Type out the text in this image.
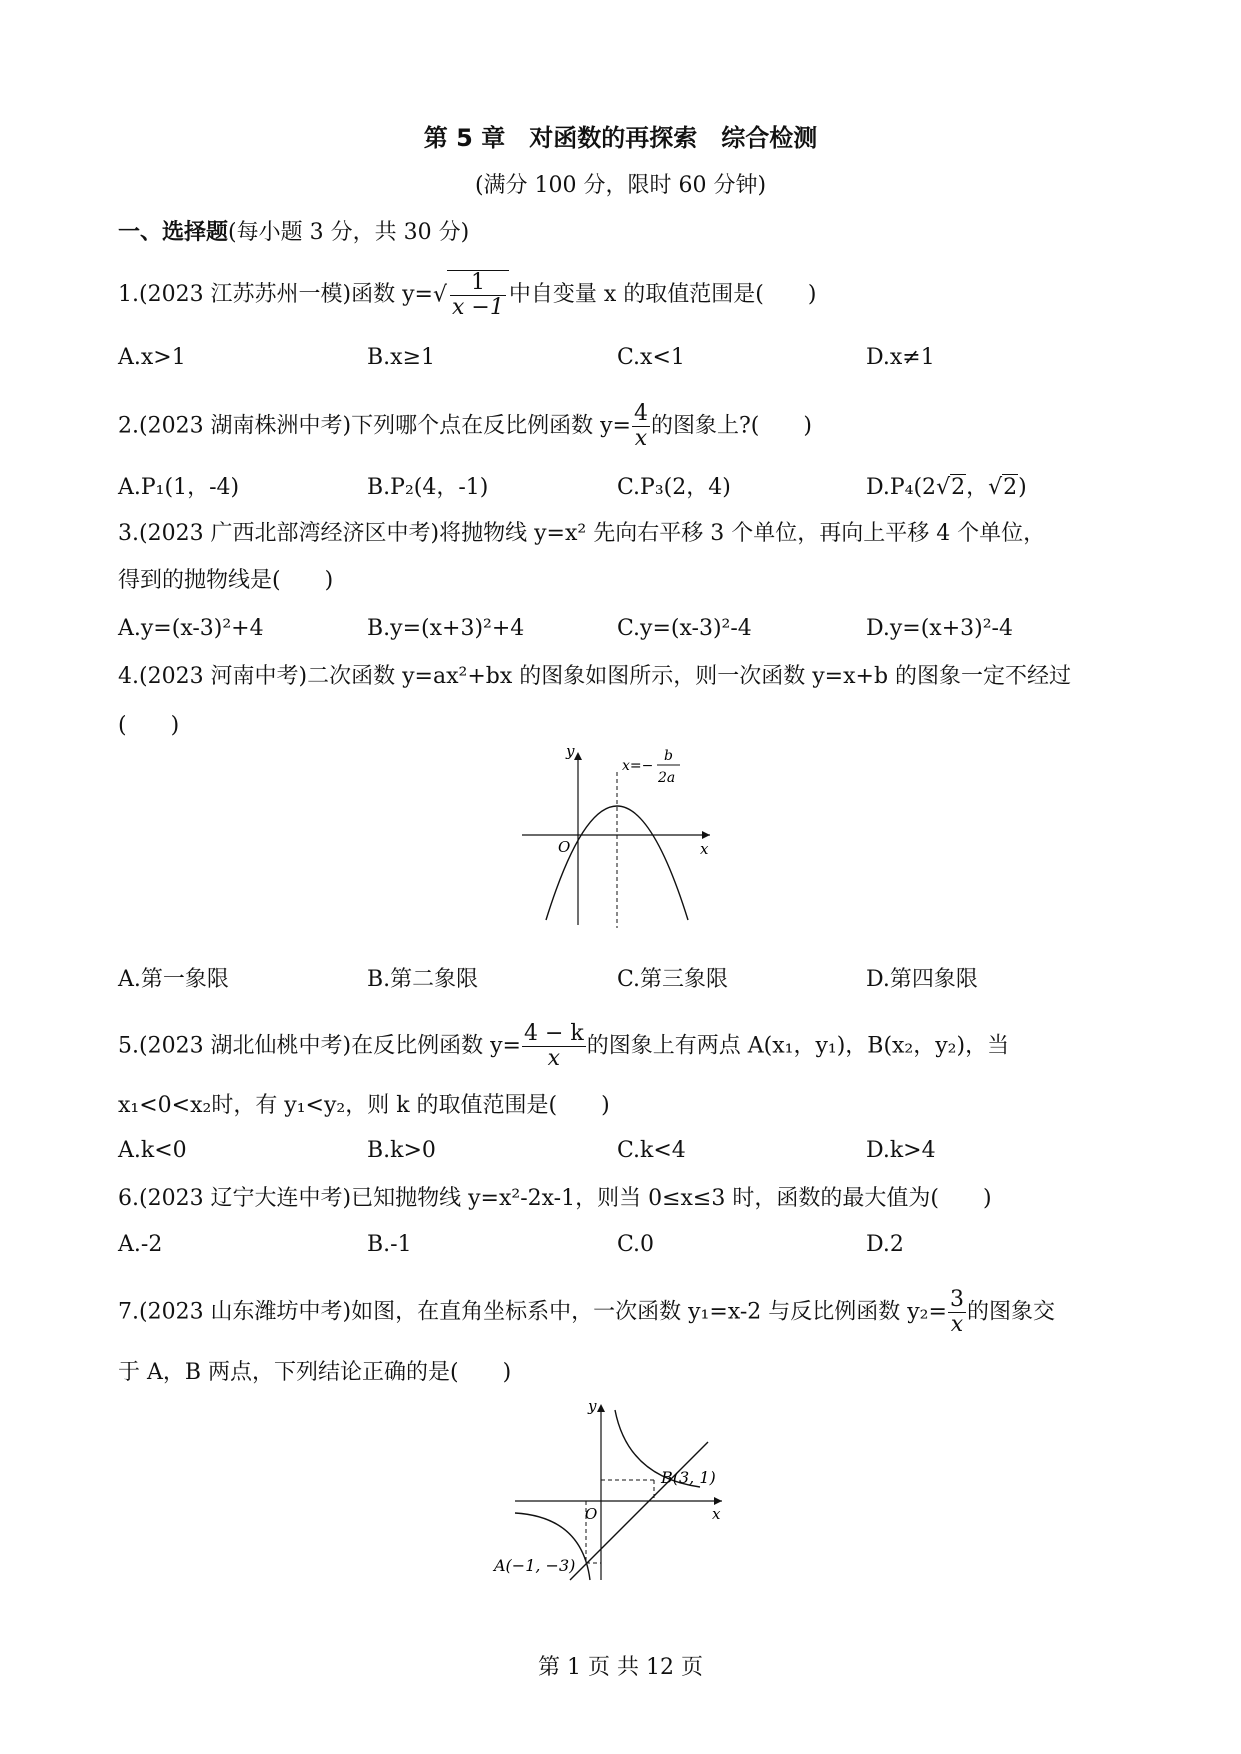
第 5 章　对函数的再探索　综合检测
(满分 100 分，限时 60 分钟)
一、选择题(每小题 3 分，共 30 分)
1.(2023 江苏苏州一模)函数 $y=√ \frac{1}{x -1}$ 中自变量 x 的取值范围是(　　)
A.x>1	B.x≥1	C.x<1	D.x≠1
2.(2023 湖南株洲中考)下列哪个点在反比例函数 $y= \frac{4}{x}$ 的图象上?(　　)
A.P₁(1，-4)	B.P₂(4，-1)	C.P₃(2，4)	D.P₄(2√2，√2)
3.(2023 广西北部湾经济区中考)将抛物线 y=x² 先向右平移 3 个单位，再向上平移 4 个单位，
得到的抛物线是(　　)
A.y=(x-3)²+4	B.y=(x+3)²+4	C.y=(x-3)²-4	D.y=(x+3)²-4
4.(2023 河南中考)二次函数 y=ax²+bx 的图象如图所示，则一次函数 y=x+b 的图象一定不经过
(　　)
y
x
O
x=−
b
2a
A.第一象限	B.第二象限	C.第三象限	D.第四象限
5.(2023 湖北仙桃中考)在反比例函数 $y= \frac{4 - k}{x}$ 的图象上有两点 A(x₁，y₁)，B(x₂，y₂)，当
x₁<0<x₂时，有 y₁<y₂，则 k 的取值范围是(　　)
A.k<0	B.k>0	C.k<4	D.k>4
6.(2023 辽宁大连中考)已知抛物线 y=x²-2x-1，则当 0≤x≤3 时，函数的最大值为(　　)
A.-2	B.-1	C.0	D.2
7.(2023 山东潍坊中考)如图，在直角坐标系中，一次函数 y₁=x-2 与反比例函数 $y_2= \frac{3}{x}$ 的图象交
于 A，B 两点，下列结论正确的是(　　)
y
x
O
B(3, 1)
A(−1, −3)
第 1 页 共 12 页
